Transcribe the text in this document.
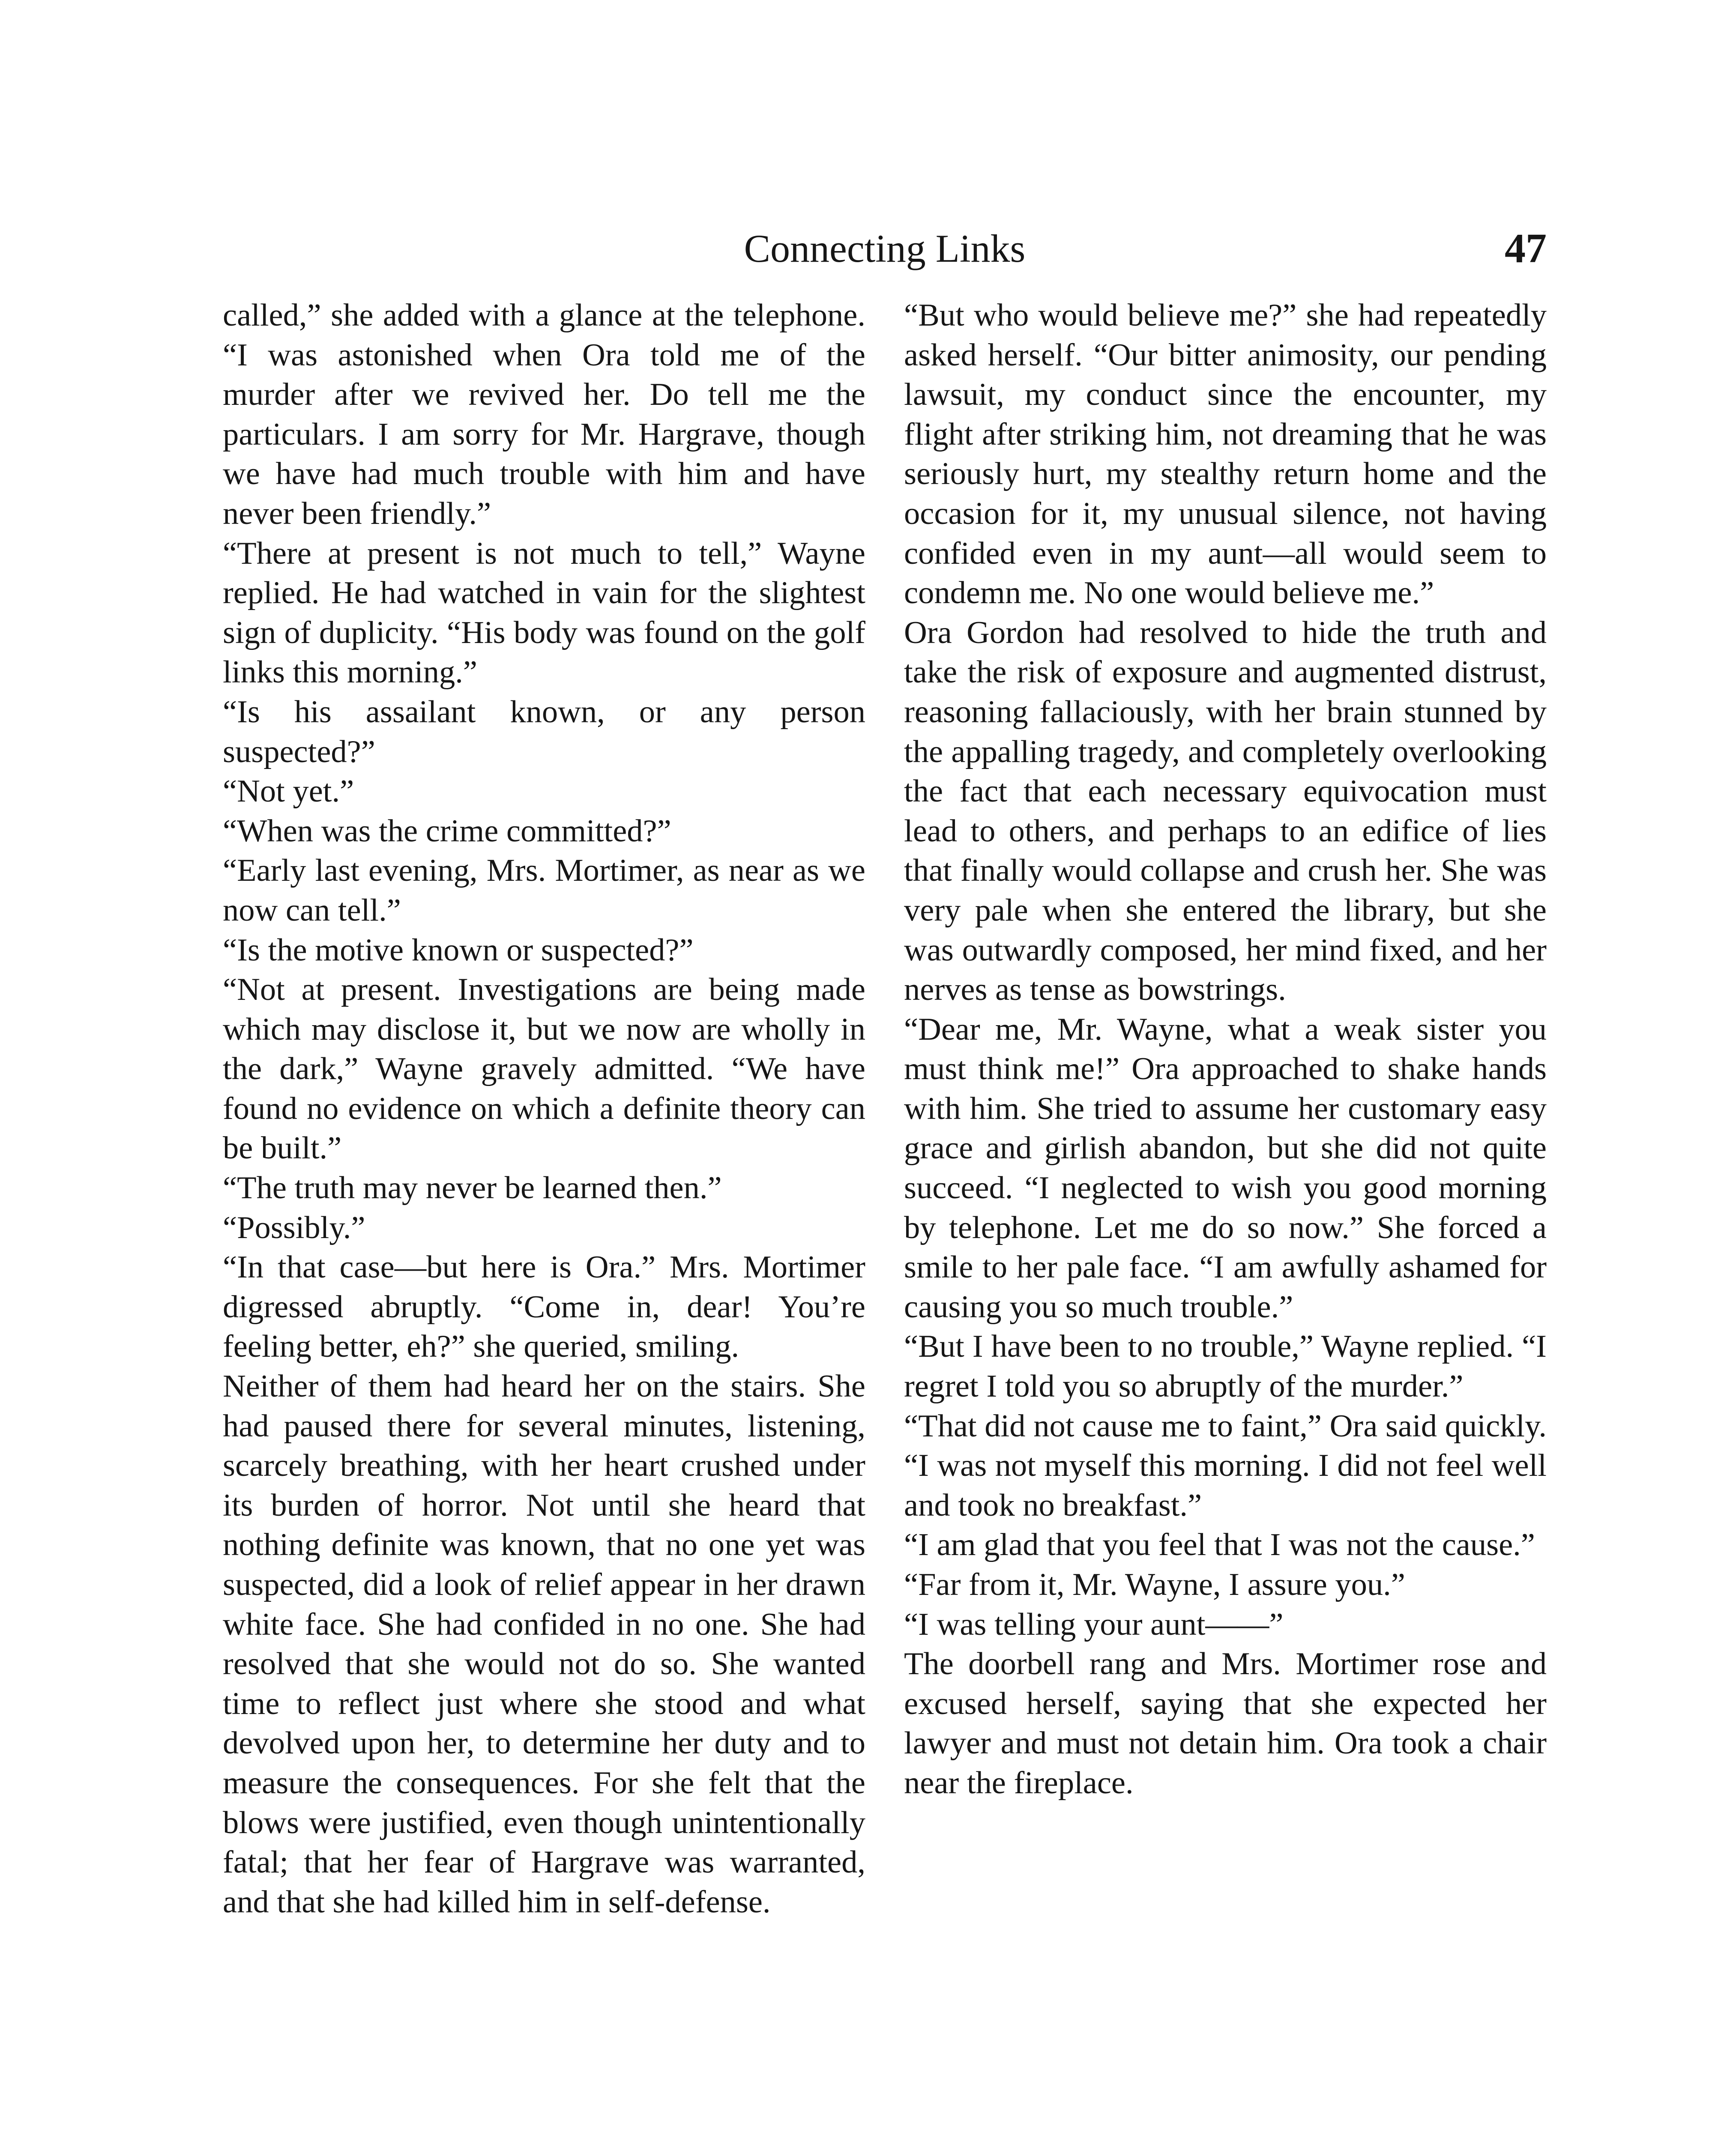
Connecting Links	47

called,” she added with a glance at the telephone. “I was astonished when Ora told me of the murder after we revived her. Do tell me the particulars. I am sorry for Mr. Hargrave, though we have had much trouble with him and have never been friendly.”

“There at present is not much to tell,” Wayne replied. He had watched in vain for the slightest sign of duplicity. “His body was found on the golf links this morning.”

“Is his assailant known, or any person suspected?”

“Not yet.”

“When was the crime committed?”

“Early last evening, Mrs. Mortimer, as near as we now can tell.”

“Is the motive known or suspected?”

“Not at present. Investigations are being made which may disclose it, but we now are wholly in the dark,” Wayne gravely admitted. “We have found no evidence on which a definite theory can be built.”

“The truth may never be learned then.”

“Possibly.”

“In that case—but here is Ora.” Mrs. Mortimer digressed abruptly. “Come in, dear! You’re feeling better, eh?” she queried, smiling.

Neither of them had heard her on the stairs. She had paused there for several minutes, listening, scarcely breathing, with her heart crushed under its burden of horror. Not until she heard that nothing definite was known, that no one yet was suspected, did a look of relief appear in her drawn white face. She had confided in no one. She had resolved that she would not do so. She wanted time to reflect just where she stood and what devolved upon her, to determine her duty and to measure the consequences. For she felt that the blows were justified, even though unintentionally fatal; that her fear of Hargrave was warranted, and that she had killed him in self-defense.

“But who would believe me?” she had repeatedly asked herself. “Our bitter animosity, our pending lawsuit, my conduct since the encounter, my flight after striking him, not dreaming that he was seriously hurt, my stealthy return home and the occasion for it, my unusual silence, not having confided even in my aunt—all would seem to condemn me. No one would believe me.”

Ora Gordon had resolved to hide the truth and take the risk of exposure and augmented distrust, reasoning fallaciously, with her brain stunned by the appalling tragedy, and completely overlooking the fact that each necessary equivocation must lead to others, and perhaps to an edifice of lies that finally would collapse and crush her. She was very pale when she entered the library, but she was outwardly composed, her mind fixed, and her nerves as tense as bowstrings.

“Dear me, Mr. Wayne, what a weak sister you must think me!” Ora approached to shake hands with him. She tried to assume her customary easy grace and girlish abandon, but she did not quite succeed. “I neglected to wish you good morning by telephone. Let me do so now.” She forced a smile to her pale face. “I am awfully ashamed for causing you so much trouble.”

“But I have been to no trouble,” Wayne replied. “I regret I told you so abruptly of the murder.”

“That did not cause me to faint,” Ora said quickly. “I was not myself this morning. I did not feel well and took no breakfast.”

“I am glad that you feel that I was not the cause.”

“Far from it, Mr. Wayne, I assure you.”

“I was telling your aunt——”

The doorbell rang and Mrs. Mortimer rose and excused herself, saying that she expected her lawyer and must not detain him. Ora took a chair near the fireplace.
